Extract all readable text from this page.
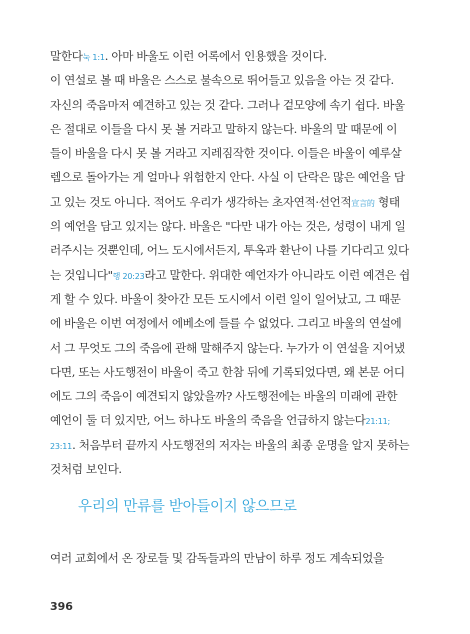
말한다눅 1:1. 아마 바울도 이런 어록에서 인용했을 것이다.
이 연설로 볼 때 바울은 스스로 불속으로 뛰어들고 있음을 아는 것 같다.
자신의 죽음마저 예견하고 있는 것 같다. 그러나 겉모양에 속기 쉽다. 바울
은 절대로 이들을 다시 못 볼 거라고 말하지 않는다. 바울의 말 때문에 이
들이 바울을 다시 못 볼 거라고 지레짐작한 것이다. 이들은 바울이 예루살
렘으로 돌아가는 게 얼마나 위험한지 안다. 사실 이 단락은 많은 예언을 담
고 있는 것도 아니다. 적어도 우리가 생각하는 초자연적·선언적宣言的 형태
의 예언을 담고 있지는 않다. 바울은 "다만 내가 아는 것은, 성령이 내게 일
러주시는 것뿐인데, 어느 도시에서든지, 투옥과 환난이 나를 기다리고 있다
는 것입니다"행 20:23라고 말한다. 위대한 예언자가 아니라도 이런 예견은 쉽
게 할 수 있다. 바울이 찾아간 모든 도시에서 이런 일이 일어났고, 그 때문
에 바울은 이번 여정에서 에베소에 들를 수 없었다. 그리고 바울의 연설에
서 그 무엇도 그의 죽음에 관해 말해주지 않는다. 누가가 이 연설을 지어냈
다면, 또는 사도행전이 바울이 죽고 한참 뒤에 기록되었다면, 왜 본문 어디
에도 그의 죽음이 예견되지 않았을까? 사도행전에는 바울의 미래에 관한
예언이 둘 더 있지만, 어느 하나도 바울의 죽음을 언급하지 않는다21:11;
23:11. 처음부터 끝까지 사도행전의 저자는 바울의 최종 운명을 알지 못하는
것처럼 보인다.
우리의 만류를 받아들이지 않으므로
여러 교회에서 온 장로들 및 감독들과의 만남이 하루 정도 계속되었을
396
